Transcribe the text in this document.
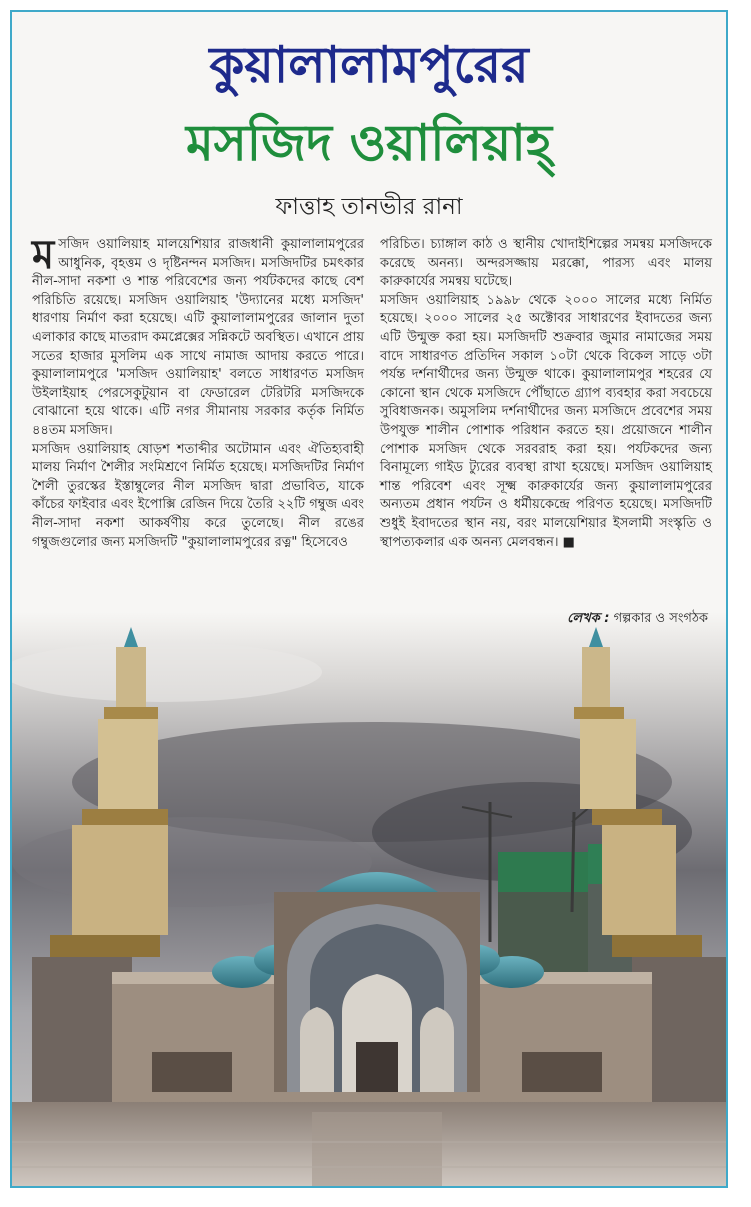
কুয়ালালামপুরের
মসজিদ ওয়ালিয়াহ্
ফাত্তাহ তানভীর রানা

মসজিদ ওয়ালিয়াহ মালয়েশিয়ার রাজধানী কুয়ালালামপুরের আধুনিক, বৃহত্তম ও দৃষ্টিনন্দন মসজিদ। মসজিদটির চমৎকার নীল-সাদা নকশা ও শান্ত পরিবেশের জন্য পর্যটকদের কাছে বেশ পরিচিতি রয়েছে। মসজিদ ওয়ালিয়াহ 'উদ্যানের মধ্যে মসজিদ' ধারণায় নির্মাণ করা হয়েছে। এটি কুয়ালালামপুরের জালান দুতা এলাকার কাছে মাতরাদ কমপ্লেক্সের সন্নিকটে অবস্থিত। এখানে প্রায় সতের হাজার মুসলিম এক সাথে নামাজ আদায় করতে পারে। কুয়ালালামপুরে 'মসজিদ ওয়ালিয়াহ' বলতে সাধারণত মসজিদ উইলাইয়াহ পেরসেকুটুয়ান বা ফেডারেল টেরিটরি মসজিদকে বোঝানো হয়ে থাকে। এটি নগর সীমানায় সরকার কর্তৃক নির্মিত ৪৪তম মসজিদ।

মসজিদ ওয়ালিয়াহ ষোড়শ শতাব্দীর অটোমান এবং ঐতিহ্যবাহী মালয় নির্মাণ শৈলীর সংমিশ্রণে নির্মিত হয়েছে। মসজিদটির নির্মাণ শৈলী তুরস্কের ইস্তাম্বুলের নীল মসজিদ দ্বারা প্রভাবিত, যাকে কাঁচের ফাইবার এবং ইপোক্সি রেজিন দিয়ে তৈরি ২২টি গম্বুজ এবং নীল-সাদা নকশা আকর্ষণীয় করে তুলেছে। নীল রঙের গম্বুজগুলোর জন্য মসজিদটি "কুয়ালালামপুরের রত্ন" হিসেবেও

পরিচিত। চ্যাঙ্গাল কাঠ ও স্থানীয় খোদাইশিল্পের সমন্বয় মসজিদকে করেছে অনন্য। অন্দরসজ্জায় মরক্কো, পারস্য এবং মালয় কারুকার্যের সমন্বয় ঘটেছে।

মসজিদ ওয়ালিয়াহ ১৯৯৮ থেকে ২০০০ সালের মধ্যে নির্মিত হয়েছে। ২০০০ সালের ২৫ অক্টোবর সাধারণের ইবাদতের জন্য এটি উন্মুক্ত করা হয়। মসজিদটি শুক্রবার জুমার নামাজের সময় বাদে সাধারণত প্রতিদিন সকাল ১০টা থেকে বিকেল সাড়ে ৩টা পর্যন্ত দর্শনার্থীদের জন্য উন্মুক্ত থাকে। কুয়ালালামপুর শহরের যে কোনো স্থান থেকে মসজিদে পৌঁছাতে গ্র্যাপ ব্যবহার করা সবচেয়ে সুবিধাজনক। অমুসলিম দর্শনার্থীদের জন্য মসজিদে প্রবেশের সময় উপযুক্ত শালীন পোশাক পরিধান করতে হয়। প্রয়োজনে শালীন পোশাক মসজিদ থেকে সরবরাহ করা হয়। পর্যটকদের জন্য বিনামূল্যে গাইড ট্যুরের ব্যবস্থা রাখা হয়েছে। মসজিদ ওয়ালিয়াহ শান্ত পরিবেশ এবং সূক্ষ্ম কারুকার্যের জন্য কুয়ালালামপুরের অন্যতম প্রধান পর্যটন ও ধর্মীয়কেন্দ্রে পরিণত হয়েছে। মসজিদটি শুধুই ইবাদতের স্থান নয়, বরং মালয়েশিয়ার ইসলামী সংস্কৃতি ও স্থাপত্যকলার এক অনন্য মেলবন্ধন। ■

লেখক : গল্পকার ও সংগঠক
